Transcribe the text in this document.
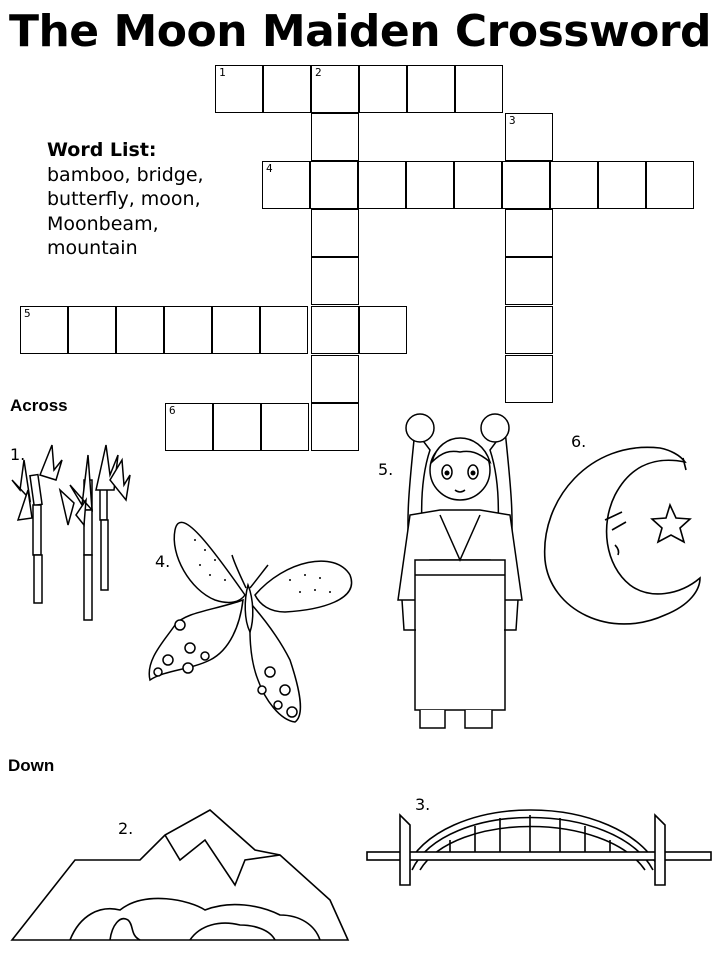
The Moon Maiden Crossword
Word List:
bamboo, bridge,
butterfly, moon,
Moonbeam,
mountain
1	2
3
4
5
6
Across
Down
1.
4.
5.
6.
2.
3.
